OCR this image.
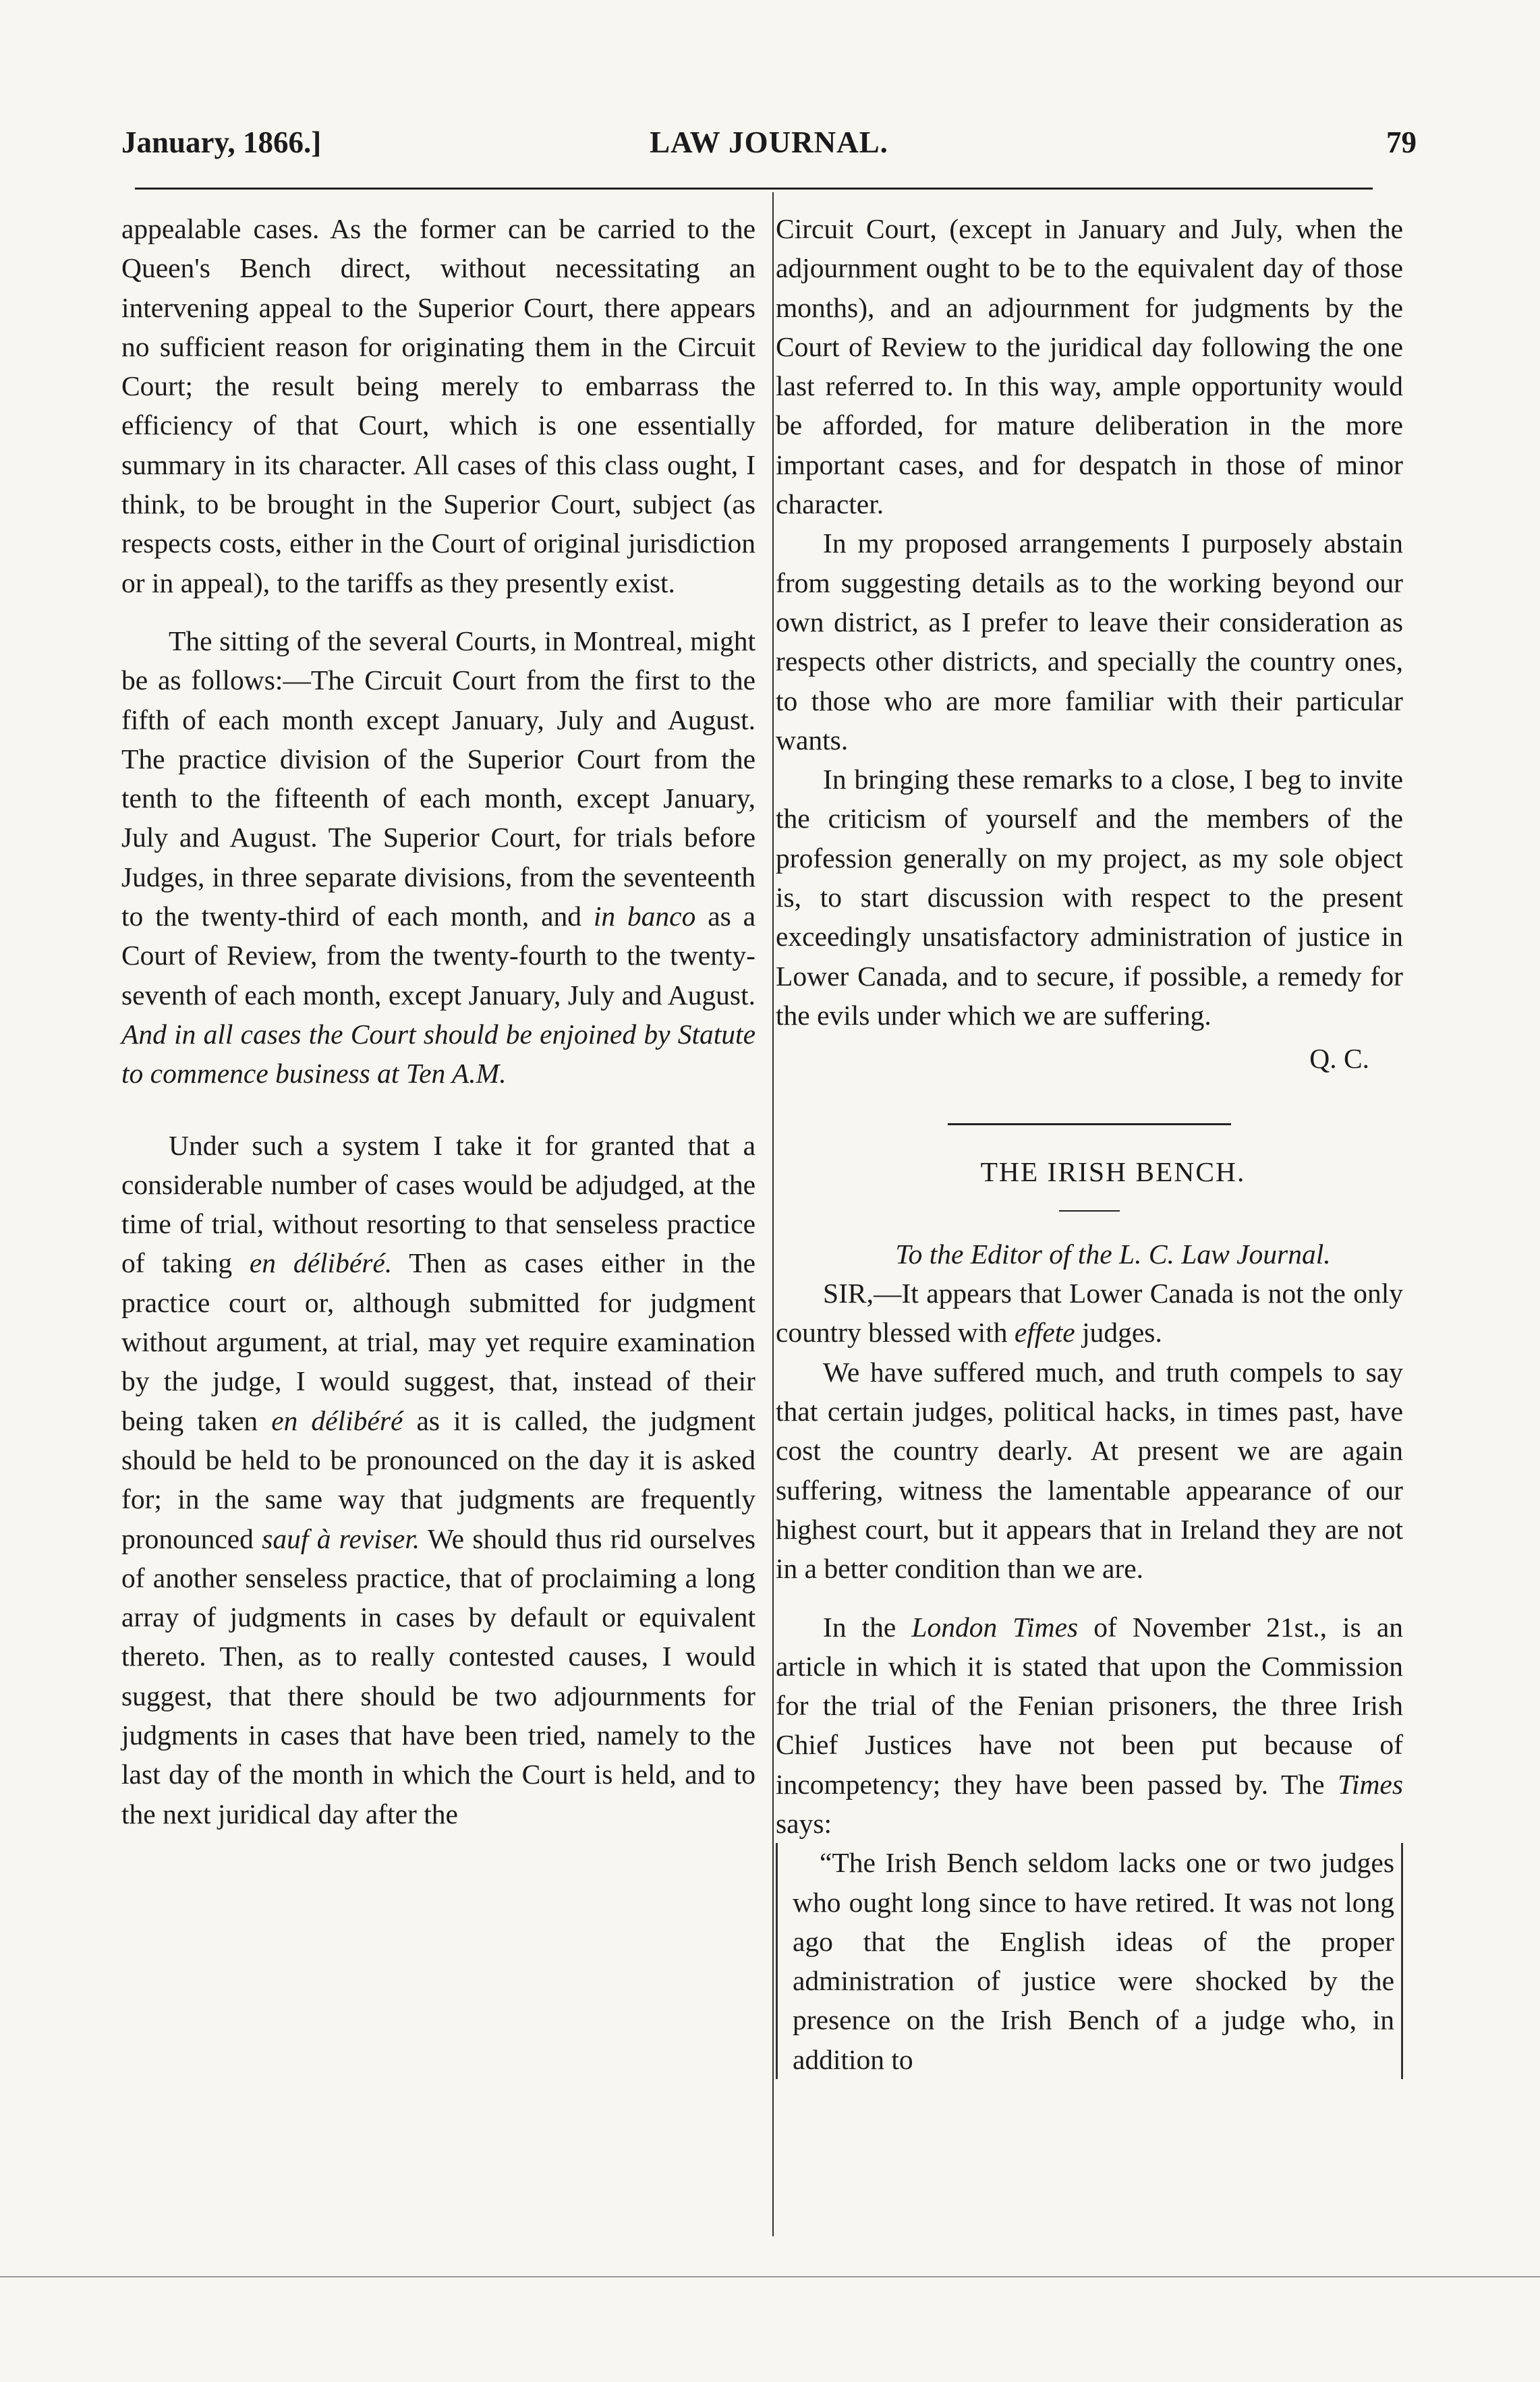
January, 1866.]	LAW JOURNAL.	79

appealable cases. As the former can be carried to the Queen's Bench direct, without necessitating an intervening appeal to the Superior Court, there appears no sufficient reason for originating them in the Circuit Court; the result being merely to embarrass the efficiency of that Court, which is one essentially summary in its character. All cases of this class ought, I think, to be brought in the Superior Court, subject (as respects costs, either in the Court of original jurisdiction or in appeal), to the tariffs as they presently exist.

The sitting of the several Courts, in Montreal, might be as follows:—The Circuit Court from the first to the fifth of each month except January, July and August. The practice division of the Superior Court from the tenth to the fifteenth of each month, except January, July and August. The Superior Court, for trials before Judges, in three separate divisions, from the seventeenth to the twenty-third of each month, and in banco as a Court of Review, from the twenty-fourth to the twenty-seventh of each month, except January, July and August. And in all cases the Court should be enjoined by Statute to commence business at Ten A.M.

Under such a system I take it for granted that a considerable number of cases would be adjudged, at the time of trial, without resorting to that senseless practice of taking en délibéré. Then as cases either in the practice court or, although submitted for judgment without argument, at trial, may yet require examination by the judge, I would suggest, that, instead of their being taken en délibéré as it is called, the judgment should be held to be pronounced on the day it is asked for; in the same way that judgments are frequently pronounced sauf à reviser. We should thus rid ourselves of another senseless practice, that of proclaiming a long array of judgments in cases by default or equivalent thereto. Then, as to really contested causes, I would suggest, that there should be two adjournments for judgments in cases that have been tried, namely to the last day of the month in which the Court is held, and to the next juridical day after the

Circuit Court, (except in January and July, when the adjournment ought to be to the equivalent day of those months), and an adjournment for judgments by the Court of Review to the juridical day following the one last referred to. In this way, ample opportunity would be afforded, for mature deliberation in the more important cases, and for despatch in those of minor character.

In my proposed arrangements I purposely abstain from suggesting details as to the working beyond our own district, as I prefer to leave their consideration as respects other districts, and specially the country ones, to those who are more familiar with their particular wants.

In bringing these remarks to a close, I beg to invite the criticism of yourself and the members of the profession generally on my project, as my sole object is, to start discussion with respect to the present exceedingly unsatisfactory administration of justice in Lower Canada, and to secure, if possible, a remedy for the evils under which we are suffering.

Q. C.

THE IRISH BENCH.

To the Editor of the L. C. Law Journal.

SIR,—It appears that Lower Canada is not the only country blessed with effete judges.

We have suffered much, and truth compels to say that certain judges, political hacks, in times past, have cost the country dearly. At present we are again suffering, witness the lamentable appearance of our highest court, but it appears that in Ireland they are not in a better condition than we are.

In the London Times of November 21st., is an article in which it is stated that upon the Commission for the trial of the Fenian prisoners, the three Irish Chief Justices have not been put because of incompetency; they have been passed by. The Times says:

“The Irish Bench seldom lacks one or two judges who ought long since to have retired. It was not long ago that the English ideas of the proper administration of justice were shocked by the presence on the Irish Bench of a judge who, in addition to
